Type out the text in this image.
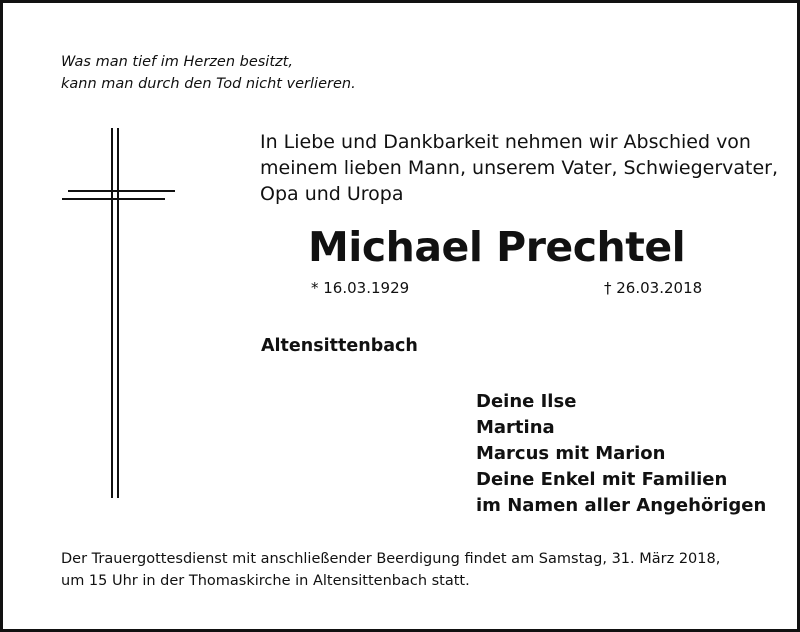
Was man tief im Herzen besitzt,
kann man durch den Tod nicht verlieren.
In Liebe und Dankbarkeit nehmen wir Abschied von
meinem lieben Mann, unserem Vater, Schwiegervater,
Opa und Uropa
Michael Prechtel
* 16.03.1929	† 26.03.2018
Altensittenbach
Deine Ilse
Martina
Marcus mit Marion
Deine Enkel mit Familien
im Namen aller Angehörigen
Der Trauergottesdienst mit anschließender Beerdigung findet am Samstag, 31. März 2018,
um 15 Uhr in der Thomaskirche in Altensittenbach statt.
